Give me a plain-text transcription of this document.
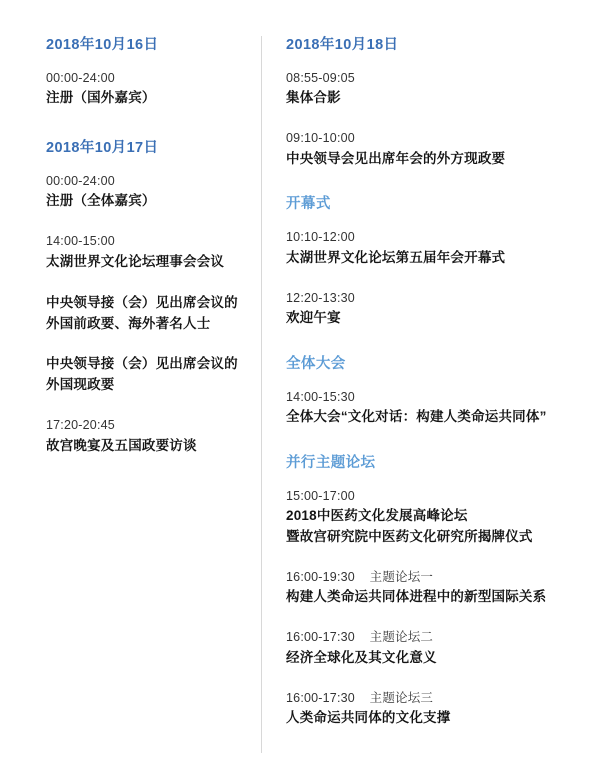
2018年10月16日
00:00-24:00
注册（国外嘉宾）
2018年10月17日
00:00-24:00
注册（全体嘉宾）
14:00-15:00
太湖世界文化论坛理事会会议
中央领导接（会）见出席会议的
外国前政要、海外著名人士
中央领导接（会）见出席会议的
外国现政要
17:20-20:45
故宫晚宴及五国政要访谈
2018年10月18日
08:55-09:05
集体合影
09:10-10:00
中央领导会见出席年会的外方现政要
开幕式
10:10-12:00
太湖世界文化论坛第五届年会开幕式
12:20-13:30
欢迎午宴
全体大会
14:00-15:30
全体大会“文化对话：构建人类命运共同体”
并行主题论坛
15:00-17:00
2018中医药文化发展高峰论坛
暨故宫研究院中医药文化研究所揭牌仪式
16:00-19:30    主题论坛一
构建人类命运共同体进程中的新型国际关系
16:00-17:30    主题论坛二
经济全球化及其文化意义
16:00-17:30    主题论坛三
人类命运共同体的文化支撑
